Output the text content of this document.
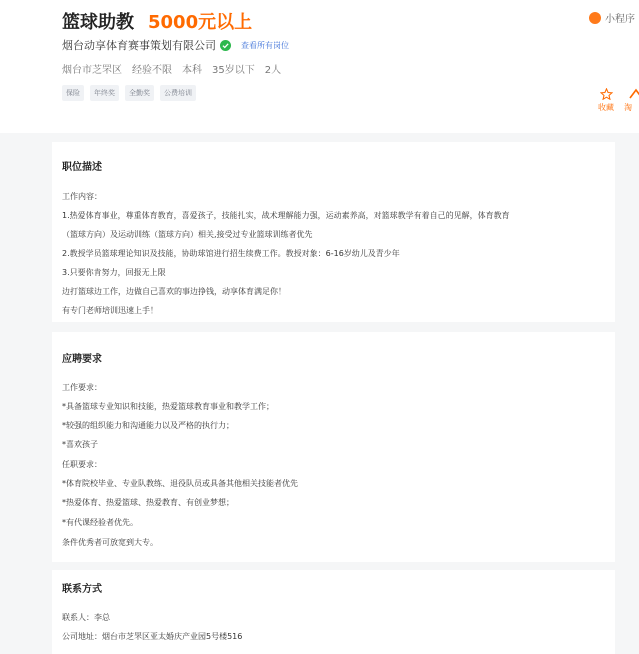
篮球助教 5000元以上
烟台动享体育赛事策划有限公司	查看所有岗位
烟台市芝罘区 经验不限 本科 35岁以下 2人
保险	年终奖	全勤奖	公费培训
小程序
收藏	淘
职位描述
工作内容：
1.热爱体育事业，尊重体育教育，喜爱孩子，技能扎实，战术理解能力强，运动素养高，对篮球教学有着自己的见解，体育教育
（篮球方向）及运动训练（篮球方向）相关,接受过专业篮球训练者优先
2.教授学员篮球理论知识及技能，协助球馆进行招生续费工作。教授对象：6-16岁幼儿及青少年
3.只要你肯努力，回报无上限
边打篮球边工作，边做自己喜欢的事边挣钱，动享体育满足你！
有专门老师培训迅速上手！
应聘要求
工作要求：
*具备篮球专业知识和技能，热爱篮球教育事业和教学工作；
*较强的组织能力和沟通能力以及严格的执行力；
*喜欢孩子
任职要求：
*体育院校毕业、专业队教练、退役队员或具备其他相关技能者优先
*热爱体育、热爱篮球、热爱教育、有创业梦想；
*有代课经验者优先。
条件优秀者可放宽到大专。
联系方式
联系人：李总
公司地址：烟台市芝罘区亚太婚庆产业园5号楼516
